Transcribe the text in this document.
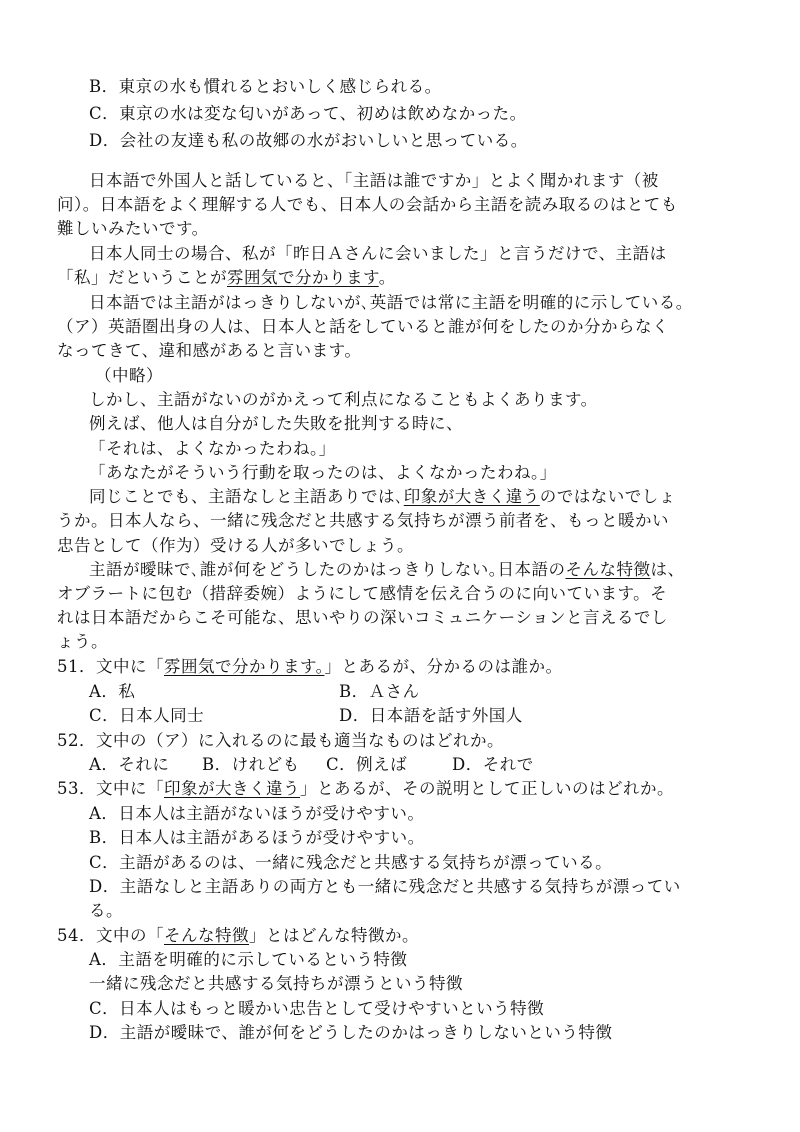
B．東京の水も慣れるとおいしく感じられる。
C．東京の水は変な匂いがあって、初めは飲めなかった。
D．会社の友達も私の故郷の水がおいしいと思っている。
日本語で外国人と話していると、「主語は誰ですか」とよく聞かれます（被
问）。日本語をよく理解する人でも、日本人の会話から主語を読み取るのはとても
難しいみたいです。
日本人同士の場合、私が「昨日Ａさんに会いました」と言うだけで、主語は
「私」だということが雰囲気で分かります。
日本語では主語がはっきりしないが､英語では常に主語を明確的に示している。
（ア）英語圏出身の人は、日本人と話をしていると誰が何をしたのか分からなく
なってきて、違和感があると言います。
（中略）
しかし、主語がないのがかえって利点になることもよくあります。
例えば、他人は自分がした失敗を批判する時に、
「それは、よくなかったわね。」
「あなたがそういう行動を取ったのは、よくなかったわね。」
同じことでも、主語なしと主語ありでは､印象が大きく違うのではないでしょ
うか。日本人なら、一緒に残念だと共感する気持ちが漂う前者を、もっと暖かい
忠告として（作为）受ける人が多いでしょう。
主語が曖昧で､誰が何をどうしたのかはっきりしない｡日本語のそんな特徴は、
オブラートに包む（措辞委婉）ようにして感情を伝え合うのに向いています。そ
れは日本語だからこそ可能な、思いやりの深いコミュニケーションと言えるでし
ょう。
51．文中に「雰囲気で分かります。」とあるが、分かるのは誰か。
A．私	B．Ａさん
C．日本人同士	D．日本語を話す外国人
52．文中の（ア）に入れるのに最も適当なものはどれか。
A．それに B．けれども C．例えば	D．それで
53．文中に「印象が大きく違う」とあるが、その説明として正しいのはどれか。
A．日本人は主語がないほうが受けやすい。
B．日本人は主語があるほうが受けやすい。
C．主語があるのは、一緒に残念だと共感する気持ちが漂っている。
D．主語なしと主語ありの両方とも一緒に残念だと共感する気持ちが漂ってい
る。
54．文中の「そんな特徴」とはどんな特徴か。
A．主語を明確的に示しているという特徴
一緒に残念だと共感する気持ちが漂うという特徴
C．日本人はもっと暖かい忠告として受けやすいという特徴
D．主語が曖昧で、誰が何をどうしたのかはっきりしないという特徴
